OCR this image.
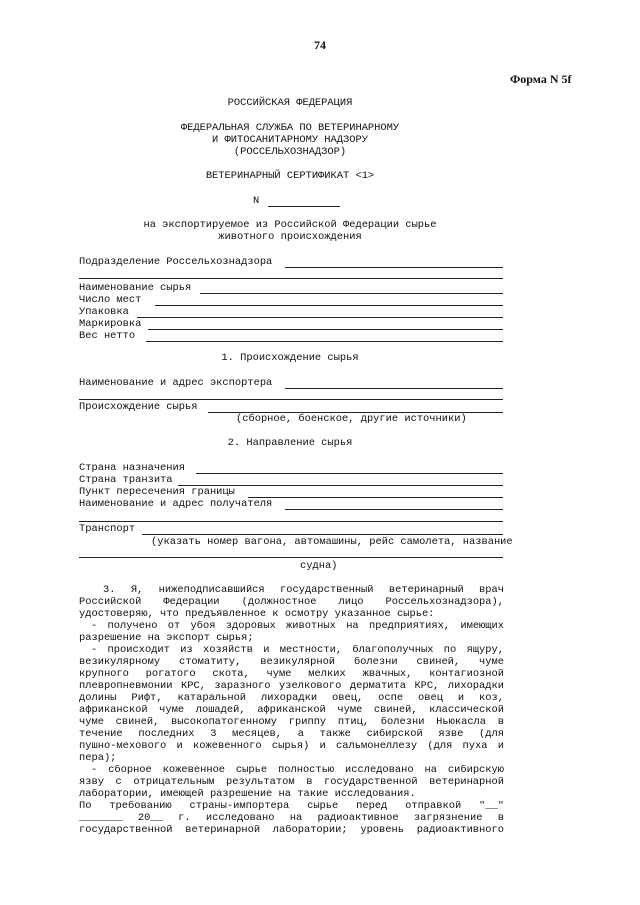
74
Форма N 5f
РОССИЙСКАЯ ФЕДЕРАЦИЯ
ФЕДЕРАЛЬНАЯ СЛУЖБА ПО ВЕТЕРИНАРНОМУ
И ФИТОСАНИТАРНОМУ НАДЗОРУ
(РОССЕЛЬХОЗНАДЗОР)
ВЕТЕРИНАРНЫЙ СЕРТИФИКАТ <1>
N
на экспортируемое из Российской Федерации сырье
животного происхождения
Подразделение Россельхознадзора
Наименование сырья
Число мест
Упаковка
Маркировка
Вес нетто
1. Происхождение сырья
Наименование и адрес экспортера
Происхождение сырья
(сборное, боенское, другие источники)
2. Направление сырья
Страна назначения
Страна транзита
Пункт пересечения границы
Наименование и адрес получателя
Транспорт
(указать номер вагона, автомашины, рейс самолета, название
судна)
3. Я, нижеподписавшийся государственный ветеринарный врач
Российской Федерации (должностное лицо Россельхознадзора),
удостоверяю, что предъявленное к осмотру указанное сырье:
- получено от убоя здоровых животных на предприятиях, имеющих
разрешение на экспорт сырья;
- происходит из хозяйств и местности, благополучных по ящуру,
везикулярному стоматиту, везикулярной болезни свиней, чуме
крупного рогатого скота, чуме мелких жвачных, контагиозной
плевропневмонии КРС, заразного узелкового дерматита КРС, лихорадки
долины Рифт, катаральной лихорадки овец, оспе овец и коз,
африканской чуме лошадей, африканской чуме свиней, классической
чуме свиней, высокопатогенному гриппу птиц, болезни Ньюкасла в
течение последних 3 месяцев, а также сибирской язве (для
пушно-мехового и кожевенного сырья) и сальмонеллезу (для пуха и
пера);
- сборное кожевенное сырье полностью исследовано на сибирскую
язву с отрицательным результатом в государственной ветеринарной
лаборатории, имеющей разрешение на такие исследования.
По требованию страны-импортера сырье перед отправкой "__"
_______ 20__ г. исследовано на радиоактивное загрязнение в
государственной ветеринарной лаборатории; уровень радиоактивного
